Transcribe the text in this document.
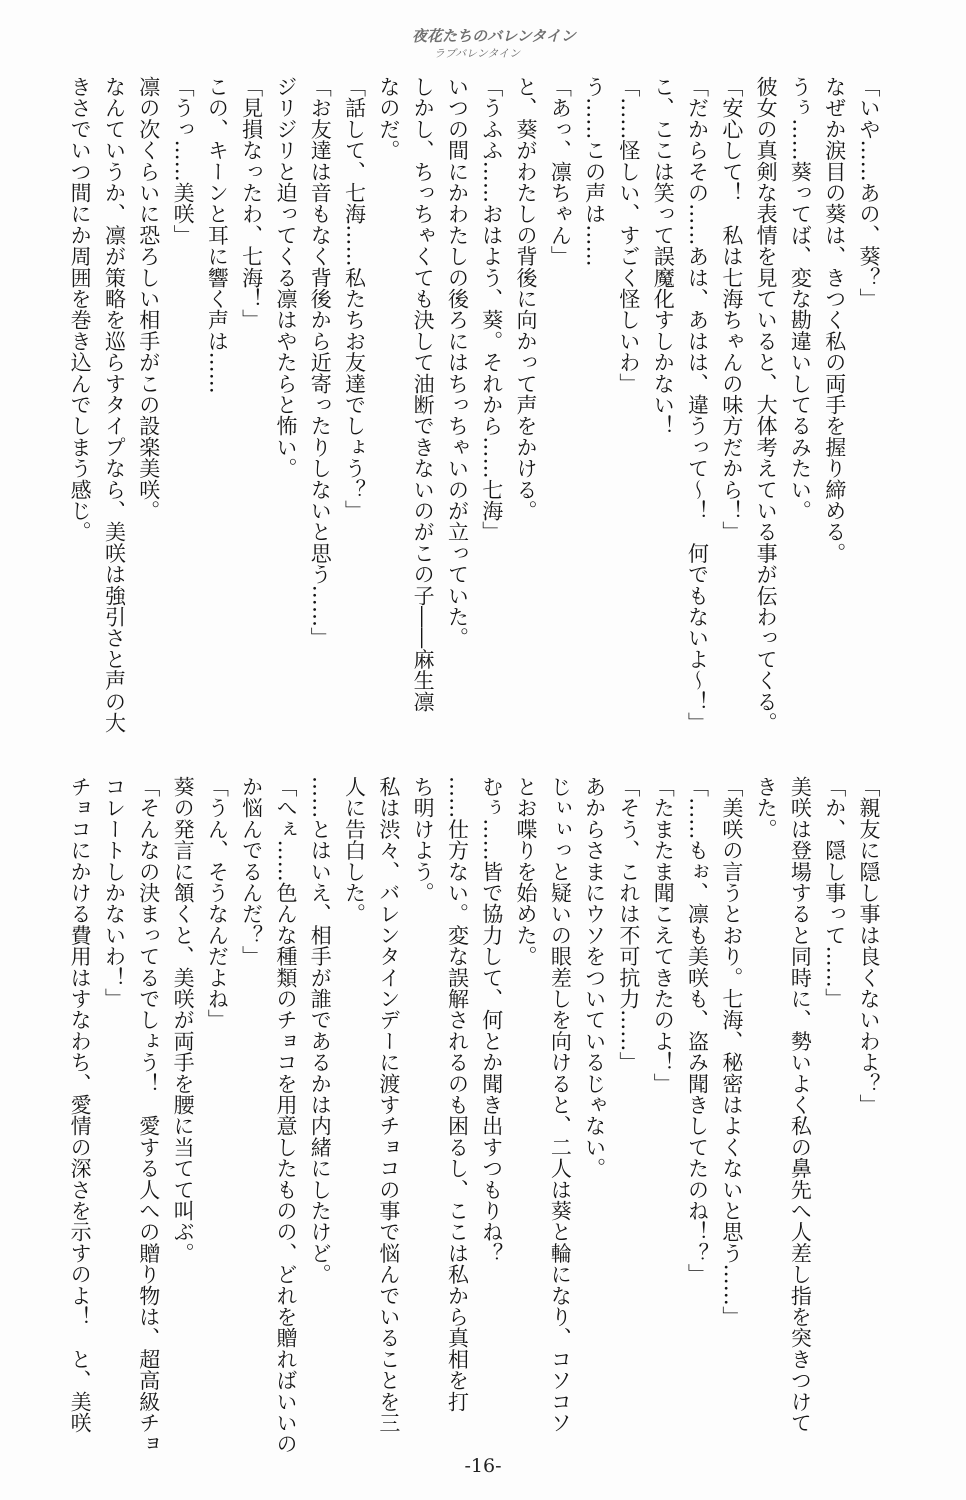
夜花たちのバレンタイン
ラブバレンタイン

「いや……あの、葵？」

なぜか涙目の葵は、きつく私の両手を握り締める。

うぅ……葵ってば、変な勘違いしてるみたい。

彼女の真剣な表情を見ていると、大体考えている事が伝わってくる。

「安心して！　私は七海ちゃんの味方だから！」

「だからその……あは、あはは、違うって〜！　何でもないよ〜！」

こ、ここは笑って誤魔化すしかない！

「……怪しい、すごく怪しいわ」

う……この声は……

「あっ、凛ちゃん」

と、葵がわたしの背後に向かって声をかける。

「うふふ……おはよう、葵。それから……七海」

いつの間にかわたしの後ろにはちっちゃいのが立っていた。

しかし、ちっちゃくても決して油断できないのがこの子――麻生凛

なのだ。

「話して、七海……私たちお友達でしょう？」

「お友達は音もなく背後から近寄ったりしないと思う……」

ジリジリと迫ってくる凛はやたらと怖い。

「見損なったわ、七海！」

この、キーンと耳に響く声は……

「うっ……美咲」

凛の次くらいに恐ろしい相手がこの設楽美咲。

なんていうか、凛が策略を巡らすタイプなら、美咲は強引さと声の大

きさでいつ間にか周囲を巻き込んでしまう感じ。

「親友に隠し事は良くないわよ？」

「か、隠し事って……」

美咲は登場すると同時に、勢いよく私の鼻先へ人差し指を突きつけて

きた。

「美咲の言うとおり。七海、秘密はよくないと思う……」

「……もぉ、凛も美咲も、盗み聞きしてたのね！？」

「たまたま聞こえてきたのよ！」

「そう、これは不可抗力……」

あからさまにウソをついているじゃない。

じぃぃっと疑いの眼差しを向けると、二人は葵と輪になり、コソコソ

とお喋りを始めた。

むぅ……皆で協力して、何とか聞き出すつもりね？

……仕方ない。変な誤解されるのも困るし、ここは私から真相を打

ち明けよう。

私は渋々、バレンタインデーに渡すチョコの事で悩んでいることを三

人に告白した。

……とはいえ、相手が誰であるかは内緒にしたけど。

「へぇ……色んな種類のチョコを用意したものの、どれを贈ればいいの

か悩んでるんだ？」

「うん、そうなんだよね」

葵の発言に頷くと、美咲が両手を腰に当てて叫ぶ。

「そんなの決まってるでしょう！　愛する人への贈り物は、超高級チョ

コレートしかないわ！」

チョコにかける費用はすなわち、愛情の深さを示すのよ！　と、美咲

-16-
